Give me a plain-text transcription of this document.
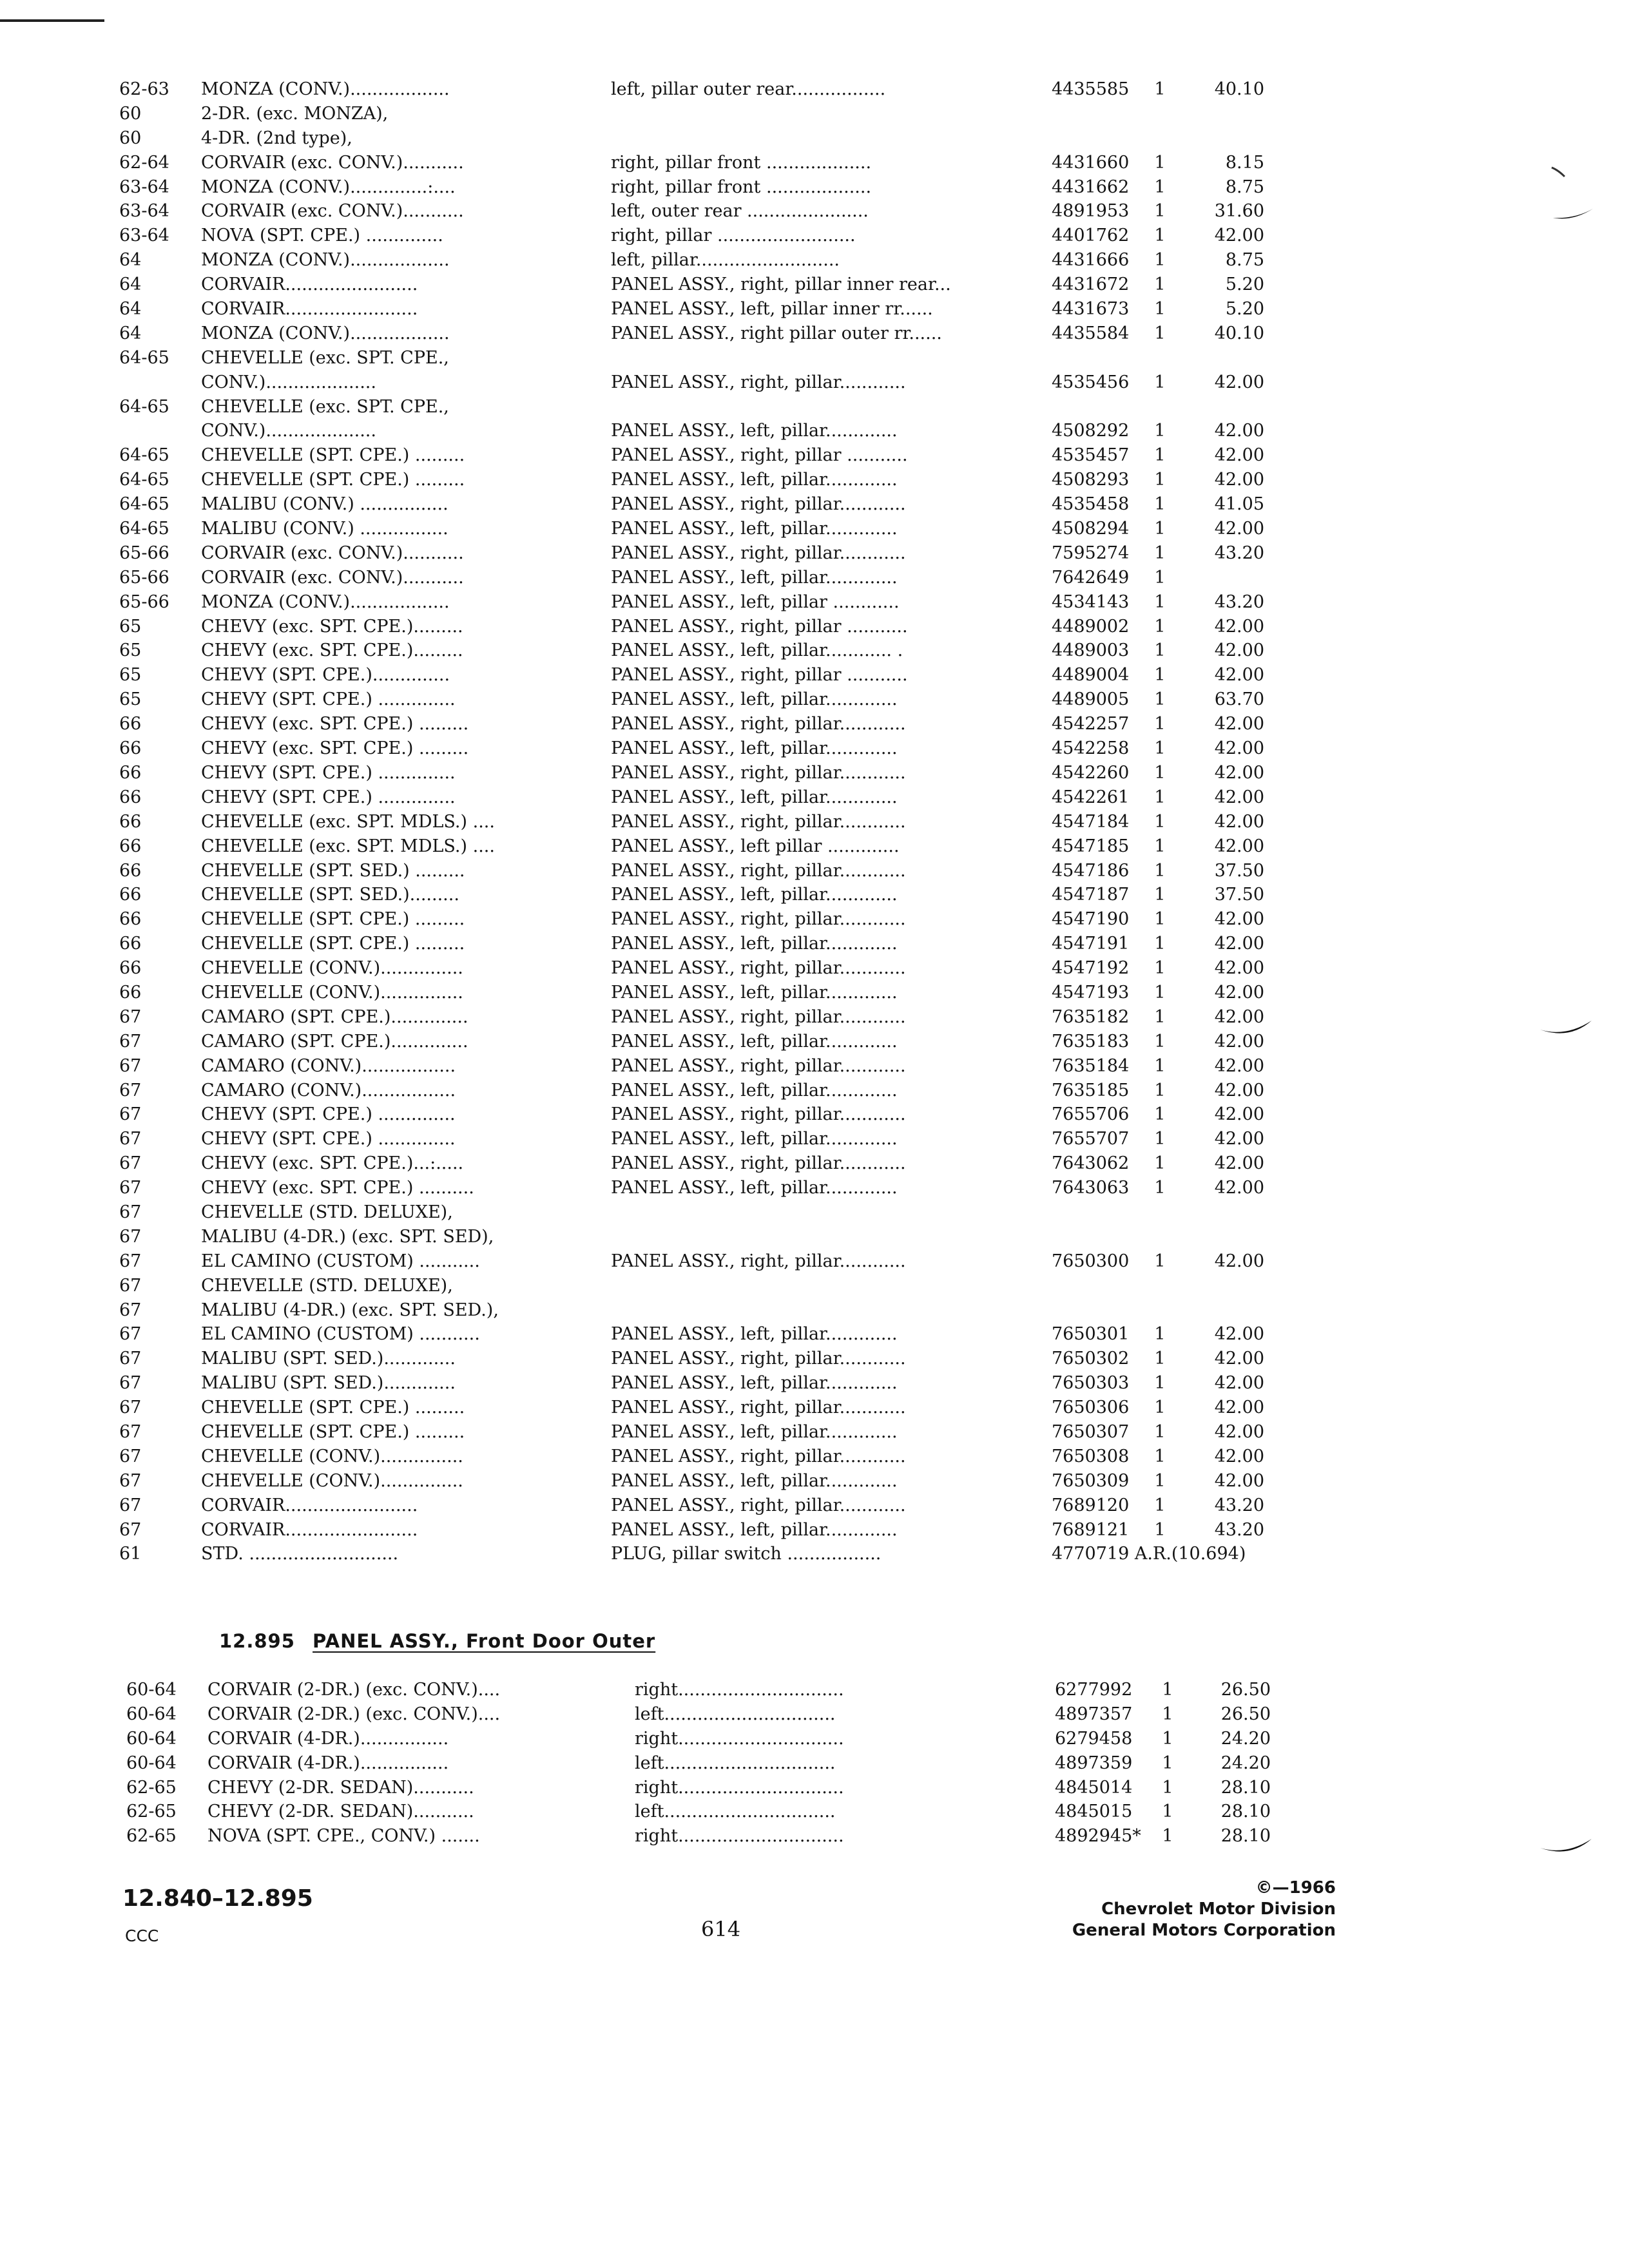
62-63 MONZA (CONV.)..................	left, pillar outer rear.................	4435585 1	40.10
60	2-DR. (exc. MONZA),
60	4-DR. (2nd type),
62-64 CORVAIR (exc. CONV.)...........	right, pillar front ...................	4431660 1	8.15
63-64 MONZA (CONV.)..............:....	right, pillar front ...................	4431662 1	8.75
63-64 CORVAIR (exc. CONV.)...........	left, outer rear ......................	4891953 1	31.60
63-64 NOVA (SPT. CPE.) ..............	right, pillar .........................	4401762 1	42.00
64	MONZA (CONV.)..................	left, pillar..........................	4431666 1	8.75
64	CORVAIR........................	PANEL ASSY., right, pillar inner rear...	4431672 1	5.20
64	CORVAIR........................	PANEL ASSY., left, pillar inner rr......	4431673 1	5.20
64	MONZA (CONV.)..................	PANEL ASSY., right pillar outer rr......	4435584 1	40.10
64-65 CHEVELLE (exc. SPT. CPE.,
CONV.)....................	PANEL ASSY., right, pillar............	4535456 1	42.00
64-65 CHEVELLE (exc. SPT. CPE.,
CONV.)....................	PANEL ASSY., left, pillar.............	4508292 1	42.00
64-65 CHEVELLE (SPT. CPE.) .........	PANEL ASSY., right, pillar ...........	4535457 1	42.00
64-65 CHEVELLE (SPT. CPE.) .........	PANEL ASSY., left, pillar.............	4508293 1	42.00
64-65 MALIBU (CONV.) ................	PANEL ASSY., right, pillar............	4535458 1	41.05
64-65 MALIBU (CONV.) ................	PANEL ASSY., left, pillar.............	4508294 1	42.00
65-66 CORVAIR (exc. CONV.)...........	PANEL ASSY., right, pillar............	7595274 1	43.20
65-66 CORVAIR (exc. CONV.)...........	PANEL ASSY., left, pillar.............	7642649 1
65-66 MONZA (CONV.)..................	PANEL ASSY., left, pillar ............	4534143 1	43.20
65	CHEVY (exc. SPT. CPE.).........	PANEL ASSY., right, pillar ...........	4489002 1	42.00
65	CHEVY (exc. SPT. CPE.).........	PANEL ASSY., left, pillar............ .	4489003 1	42.00
65	CHEVY (SPT. CPE.)..............	PANEL ASSY., right, pillar ...........	4489004 1	42.00
65	CHEVY (SPT. CPE.) ..............	PANEL ASSY., left, pillar.............	4489005 1	63.70
66	CHEVY (exc. SPT. CPE.) .........	PANEL ASSY., right, pillar............	4542257 1	42.00
66	CHEVY (exc. SPT. CPE.) .........	PANEL ASSY., left, pillar.............	4542258 1	42.00
66	CHEVY (SPT. CPE.) ..............	PANEL ASSY., right, pillar............	4542260 1	42.00
66	CHEVY (SPT. CPE.) ..............	PANEL ASSY., left, pillar.............	4542261 1	42.00
66	CHEVELLE (exc. SPT. MDLS.) ....	PANEL ASSY., right, pillar............	4547184 1	42.00
66	CHEVELLE (exc. SPT. MDLS.) ....	PANEL ASSY., left pillar .............	4547185 1	42.00
66	CHEVELLE (SPT. SED.) .........	PANEL ASSY., right, pillar............	4547186 1	37.50
66	CHEVELLE (SPT. SED.).........	PANEL ASSY., left, pillar.............	4547187 1	37.50
66	CHEVELLE (SPT. CPE.) .........	PANEL ASSY., right, pillar............	4547190 1	42.00
66	CHEVELLE (SPT. CPE.) .........	PANEL ASSY., left, pillar.............	4547191 1	42.00
66	CHEVELLE (CONV.)...............	PANEL ASSY., right, pillar............	4547192 1	42.00
66	CHEVELLE (CONV.)...............	PANEL ASSY., left, pillar.............	4547193 1	42.00
67	CAMARO (SPT. CPE.)..............	PANEL ASSY., right, pillar............	7635182 1	42.00
67	CAMARO (SPT. CPE.)..............	PANEL ASSY., left, pillar.............	7635183 1	42.00
67	CAMARO (CONV.).................	PANEL ASSY., right, pillar............	7635184 1	42.00
67	CAMARO (CONV.).................	PANEL ASSY., left, pillar.............	7635185 1	42.00
67	CHEVY (SPT. CPE.) ..............	PANEL ASSY., right, pillar............	7655706 1	42.00
67	CHEVY (SPT. CPE.) ..............	PANEL ASSY., left, pillar.............	7655707 1	42.00
67	CHEVY (exc. SPT. CPE.)...:.....	PANEL ASSY., right, pillar............	7643062 1	42.00
67	CHEVY (exc. SPT. CPE.) ..........	PANEL ASSY., left, pillar.............	7643063 1	42.00
67	CHEVELLE (STD. DELUXE),
67	MALIBU (4-DR.) (exc. SPT. SED),
67	EL CAMINO (CUSTOM) ...........	PANEL ASSY., right, pillar............	7650300 1	42.00
67	CHEVELLE (STD. DELUXE),
67	MALIBU (4-DR.) (exc. SPT. SED.),
67	EL CAMINO (CUSTOM) ...........	PANEL ASSY., left, pillar.............	7650301 1	42.00
67	MALIBU (SPT. SED.).............	PANEL ASSY., right, pillar............	7650302 1	42.00
67	MALIBU (SPT. SED.).............	PANEL ASSY., left, pillar.............	7650303 1	42.00
67	CHEVELLE (SPT. CPE.) .........	PANEL ASSY., right, pillar............	7650306 1	42.00
67	CHEVELLE (SPT. CPE.) .........	PANEL ASSY., left, pillar.............	7650307 1	42.00
67	CHEVELLE (CONV.)...............	PANEL ASSY., right, pillar............	7650308 1	42.00
67	CHEVELLE (CONV.)...............	PANEL ASSY., left, pillar.............	7650309 1	42.00
67	CORVAIR........................	PANEL ASSY., right, pillar............	7689120 1	43.20
67	CORVAIR........................	PANEL ASSY., left, pillar.............	7689121 1	43.20
61	STD. ...........................	PLUG, pillar switch .................	4770719 A.R.(10.694)
12.895 PANEL ASSY., Front Door Outer
60-64 CORVAIR (2-DR.) (exc. CONV.)....	right..............................	6277992 1	26.50
60-64 CORVAIR (2-DR.) (exc. CONV.)....	left...............................	4897357 1	26.50
60-64 CORVAIR (4-DR.)................	right..............................	6279458 1	24.20
60-64 CORVAIR (4-DR.)................	left...............................	4897359 1	24.20
62-65 CHEVY (2-DR. SEDAN)...........	right..............................	4845014 1	28.10
62-65 CHEVY (2-DR. SEDAN)...........	left...............................	4845015 1	28.10
62-65 NOVA (SPT. CPE., CONV.) .......	right..............................	4892945* 1	28.10
12.840–12.895
CCC	614
©—1966
Chevrolet Motor Division
General Motors Corporation
